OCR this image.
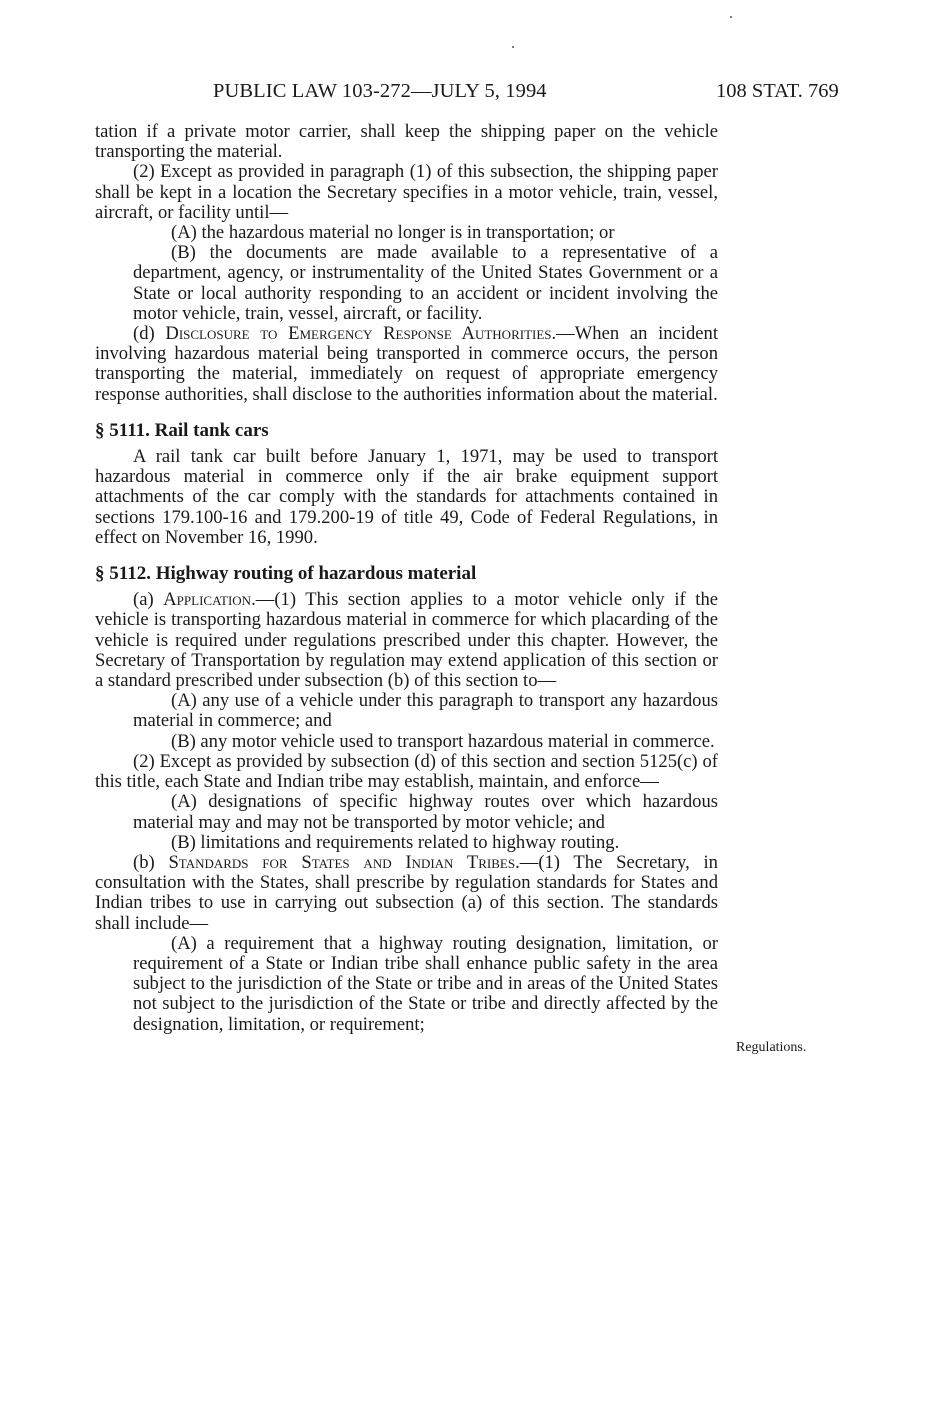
PUBLIC LAW 103-272—JULY 5, 1994	108 STAT. 769

tation if a private motor carrier, shall keep the shipping paper on the vehicle transporting the material.

(2) Except as provided in paragraph (1) of this subsection, the shipping paper shall be kept in a location the Secretary specifies in a motor vehicle, train, vessel, aircraft, or facility until—

(A) the hazardous material no longer is in transportation; or

(B) the documents are made available to a representative of a department, agency, or instrumentality of the United States Government or a State or local authority responding to an accident or incident involving the motor vehicle, train, vessel, aircraft, or facility.

(d) Disclosure to Emergency Response Authorities.—When an incident involving hazardous material being transported in commerce occurs, the person transporting the material, immediately on request of appropriate emergency response authorities, shall disclose to the authorities information about the material.

§ 5111. Rail tank cars

A rail tank car built before January 1, 1971, may be used to transport hazardous material in commerce only if the air brake equipment support attachments of the car comply with the standards for attachments contained in sections 179.100-16 and 179.200-19 of title 49, Code of Federal Regulations, in effect on November 16, 1990.

§ 5112. Highway routing of hazardous material

(a) Application.—(1) This section applies to a motor vehicle only if the vehicle is transporting hazardous material in commerce for which placarding of the vehicle is required under regulations prescribed under this chapter. However, the Secretary of Transportation by regulation may extend application of this section or a standard prescribed under subsection (b) of this section to—

(A) any use of a vehicle under this paragraph to transport any hazardous material in commerce; and

(B) any motor vehicle used to transport hazardous material in commerce.

(2) Except as provided by subsection (d) of this section and section 5125(c) of this title, each State and Indian tribe may establish, maintain, and enforce—

(A) designations of specific highway routes over which hazardous material may and may not be transported by motor vehicle; and

(B) limitations and requirements related to highway routing.

(b) Standards for States and Indian Tribes.—(1) The Secretary, in consultation with the States, shall prescribe by regulation standards for States and Indian tribes to use in carrying out subsection (a) of this section. The standards shall include—

(A) a requirement that a highway routing designation, limitation, or requirement of a State or Indian tribe shall enhance public safety in the area subject to the jurisdiction of the State or tribe and in areas of the United States not subject to the jurisdiction of the State or tribe and directly affected by the designation, limitation, or requirement;

Regulations.
